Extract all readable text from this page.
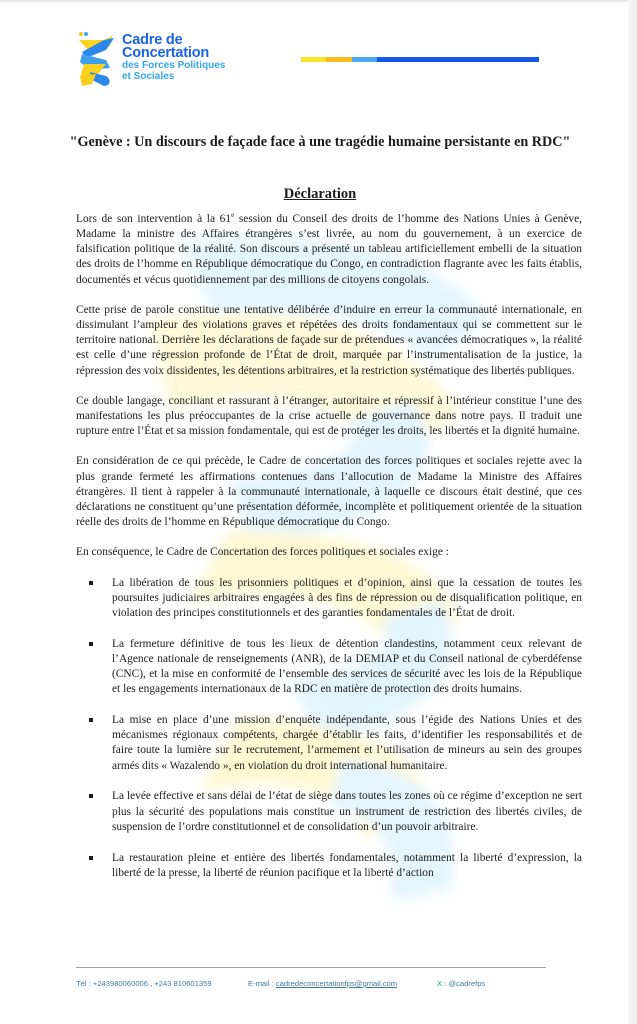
Cadre de
Concertation
des Forces Politiques
et Sociales
"Genève : Un discours de façade face à une tragédie humaine persistante en RDC"
Déclaration

Lors de son intervention à la 61e session du Conseil des droits de l’homme des Nations Unies à Genève, Madame la ministre des Affaires étrangères s’est livrée, au nom du gouvernement, à un exercice de falsification politique de la réalité. Son discours a présenté un tableau artificiellement embelli de la situation des droits de l’homme en République démocratique du Congo, en contradiction flagrante avec les faits établis, documentés et vécus quotidiennement par des millions de citoyens congolais.

Cette prise de parole constitue une tentative délibérée d’induire en erreur la communauté internationale, en dissimulant l’ampleur des violations graves et répétées des droits fondamentaux qui se commettent sur le territoire national. Derrière les déclarations de façade sur de prétendues « avancées démocratiques », la réalité est celle d’une régression profonde de l’État de droit, marquée par l’instrumentalisation de la justice, la répression des voix dissidentes, les détentions arbitraires, et la restriction systématique des libertés publiques.

Ce double langage, conciliant et rassurant à l’étranger, autoritaire et répressif à l’intérieur constitue l’une des manifestations les plus préoccupantes de la crise actuelle de gouvernance dans notre pays. Il traduit une rupture entre l’État et sa mission fondamentale, qui est de protéger les droits, les libertés et la dignité humaine.

En considération de ce qui précède, le Cadre de concertation des forces politiques et sociales rejette avec la plus grande fermeté les affirmations contenues dans l’allocution de Madame la Ministre des Affaires étrangères. Il tient à rappeler à la communauté internationale, à laquelle ce discours était destiné, que ces déclarations ne constituent qu’une présentation déformée, incomplète et politiquement orientée de la situation réelle des droits de l’homme en République démocratique du Congo.

En conséquence, le Cadre de Concertation des forces politiques et sociales exige :

La libération de tous les prisonniers politiques et d’opinion, ainsi que la cessation de toutes les poursuites judiciaires arbitraires engagées à des fins de répression ou de disqualification politique, en violation des principes constitutionnels et des garanties fondamentales de l’État de droit.
La fermeture définitive de tous les lieux de détention clandestins, notamment ceux relevant de l’Agence nationale de renseignements (ANR), de la DEMIAP et du Conseil national de cyberdéfense (CNC), et la mise en conformité de l’ensemble des services de sécurité avec les lois de la République et les engagements internationaux de la RDC en matière de protection des droits humains.
La mise en place d’une mission d’enquête indépendante, sous l’égide des Nations Unies et des mécanismes régionaux compétents, chargée d’établir les faits, d’identifier les responsabilités et de faire toute la lumière sur le recrutement, l’armement et l’utilisation de mineurs au sein des groupes armés dits « Wazalendo », en violation du droit international humanitaire.
La levée effective et sans délai de l’état de siège dans toutes les zones où ce régime d’exception ne sert plus la sécurité des populations mais constitue un instrument de restriction des libertés civiles, de suspension de l’ordre constitutionnel et de consolidation d’un pouvoir arbitraire.
La restauration pleine et entière des libertés fondamentales, notamment la liberté d’expression, la liberté de la presse, la liberté de réunion pacifique et la liberté d’action
Tél : +243980060006 , +243 810601359	E-mail : cadredeconcertationfps@gmail.com	X : @cadrefps
